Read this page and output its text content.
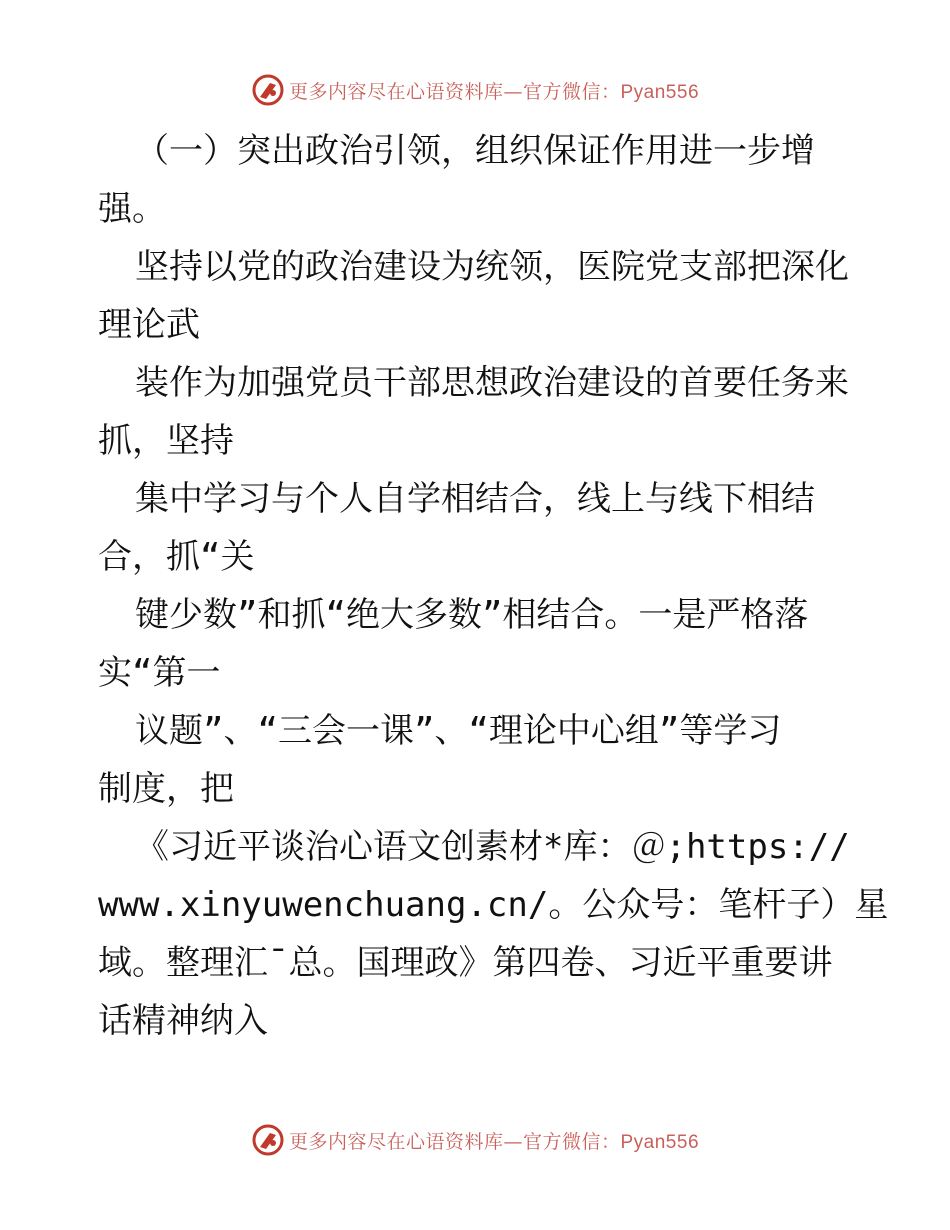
更多内容尽在心语资料库—官方微信：Pyan556

（一）突出政治引领，组织保证作用进一步增

强。

坚持以党的政治建设为统领，医院党支部把深化

理论武

装作为加强党员干部思想政治建设的首要任务来

抓，坚持

集中学习与个人自学相结合，线上与线下相结

合，抓“关

键少数”和抓“绝大多数”相结合。一是严格落

实“第一

议题”、“三会一课”、“理论中心组”等学习

制度，把

《习近平谈治心语文创素材*库：＠;https://

www.xinyuwenchuang.cn/。公众号：笔杆子）星

域。整理汇¯总。国理政》第四卷、习近平重要讲

话精神纳入

更多内容尽在心语资料库—官方微信：Pyan556
